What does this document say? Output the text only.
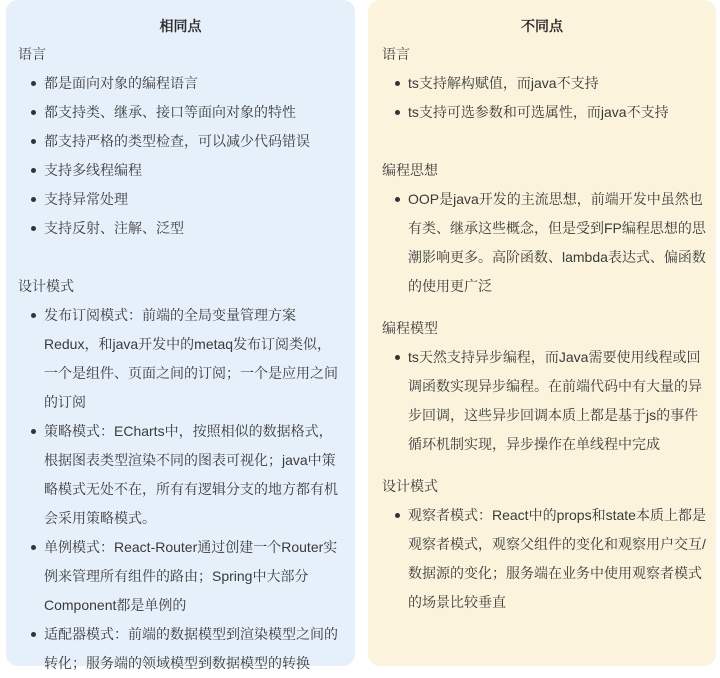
相同点
语言
都是面向对象的编程语言
都支持类、继承、接口等面向对象的特性
都支持严格的类型检查，可以减少代码错误
支持多线程编程
支持异常处理
支持反射、注解、泛型
设计模式
发布订阅模式：前端的全局变量管理方案
Redux，和java开发中的metaq发布订阅类似，
一个是组件、页面之间的订阅；一个是应用之间
的订阅
策略模式：ECharts中，按照相似的数据格式，
根据图表类型渲染不同的图表可视化；java中策
略模式无处不在，所有有逻辑分支的地方都有机
会采用策略模式。
单例模式：React-Router通过创建一个Router实
例来管理所有组件的路由；Spring中大部分
Component都是单例的
适配器模式：前端的数据模型到渲染模型之间的
转化；服务端的领域模型到数据模型的转换
不同点
语言
ts支持解构赋值，而java不支持
ts支持可选参数和可选属性，而java不支持
编程思想
OOP是java开发的主流思想，前端开发中虽然也
有类、继承这些概念，但是受到FP编程思想的思
潮影响更多。高阶函数、lambda表达式、偏函数
的使用更广泛
编程模型
ts天然支持异步编程，而Java需要使用线程或回
调函数实现异步编程。在前端代码中有大量的异
步回调，这些异步回调本质上都是基于js的事件
循环机制实现，异步操作在单线程中完成
设计模式
观察者模式：React中的props和state本质上都是
观察者模式，观察父组件的变化和观察用户交互/
数据源的变化；服务端在业务中使用观察者模式
的场景比较垂直
